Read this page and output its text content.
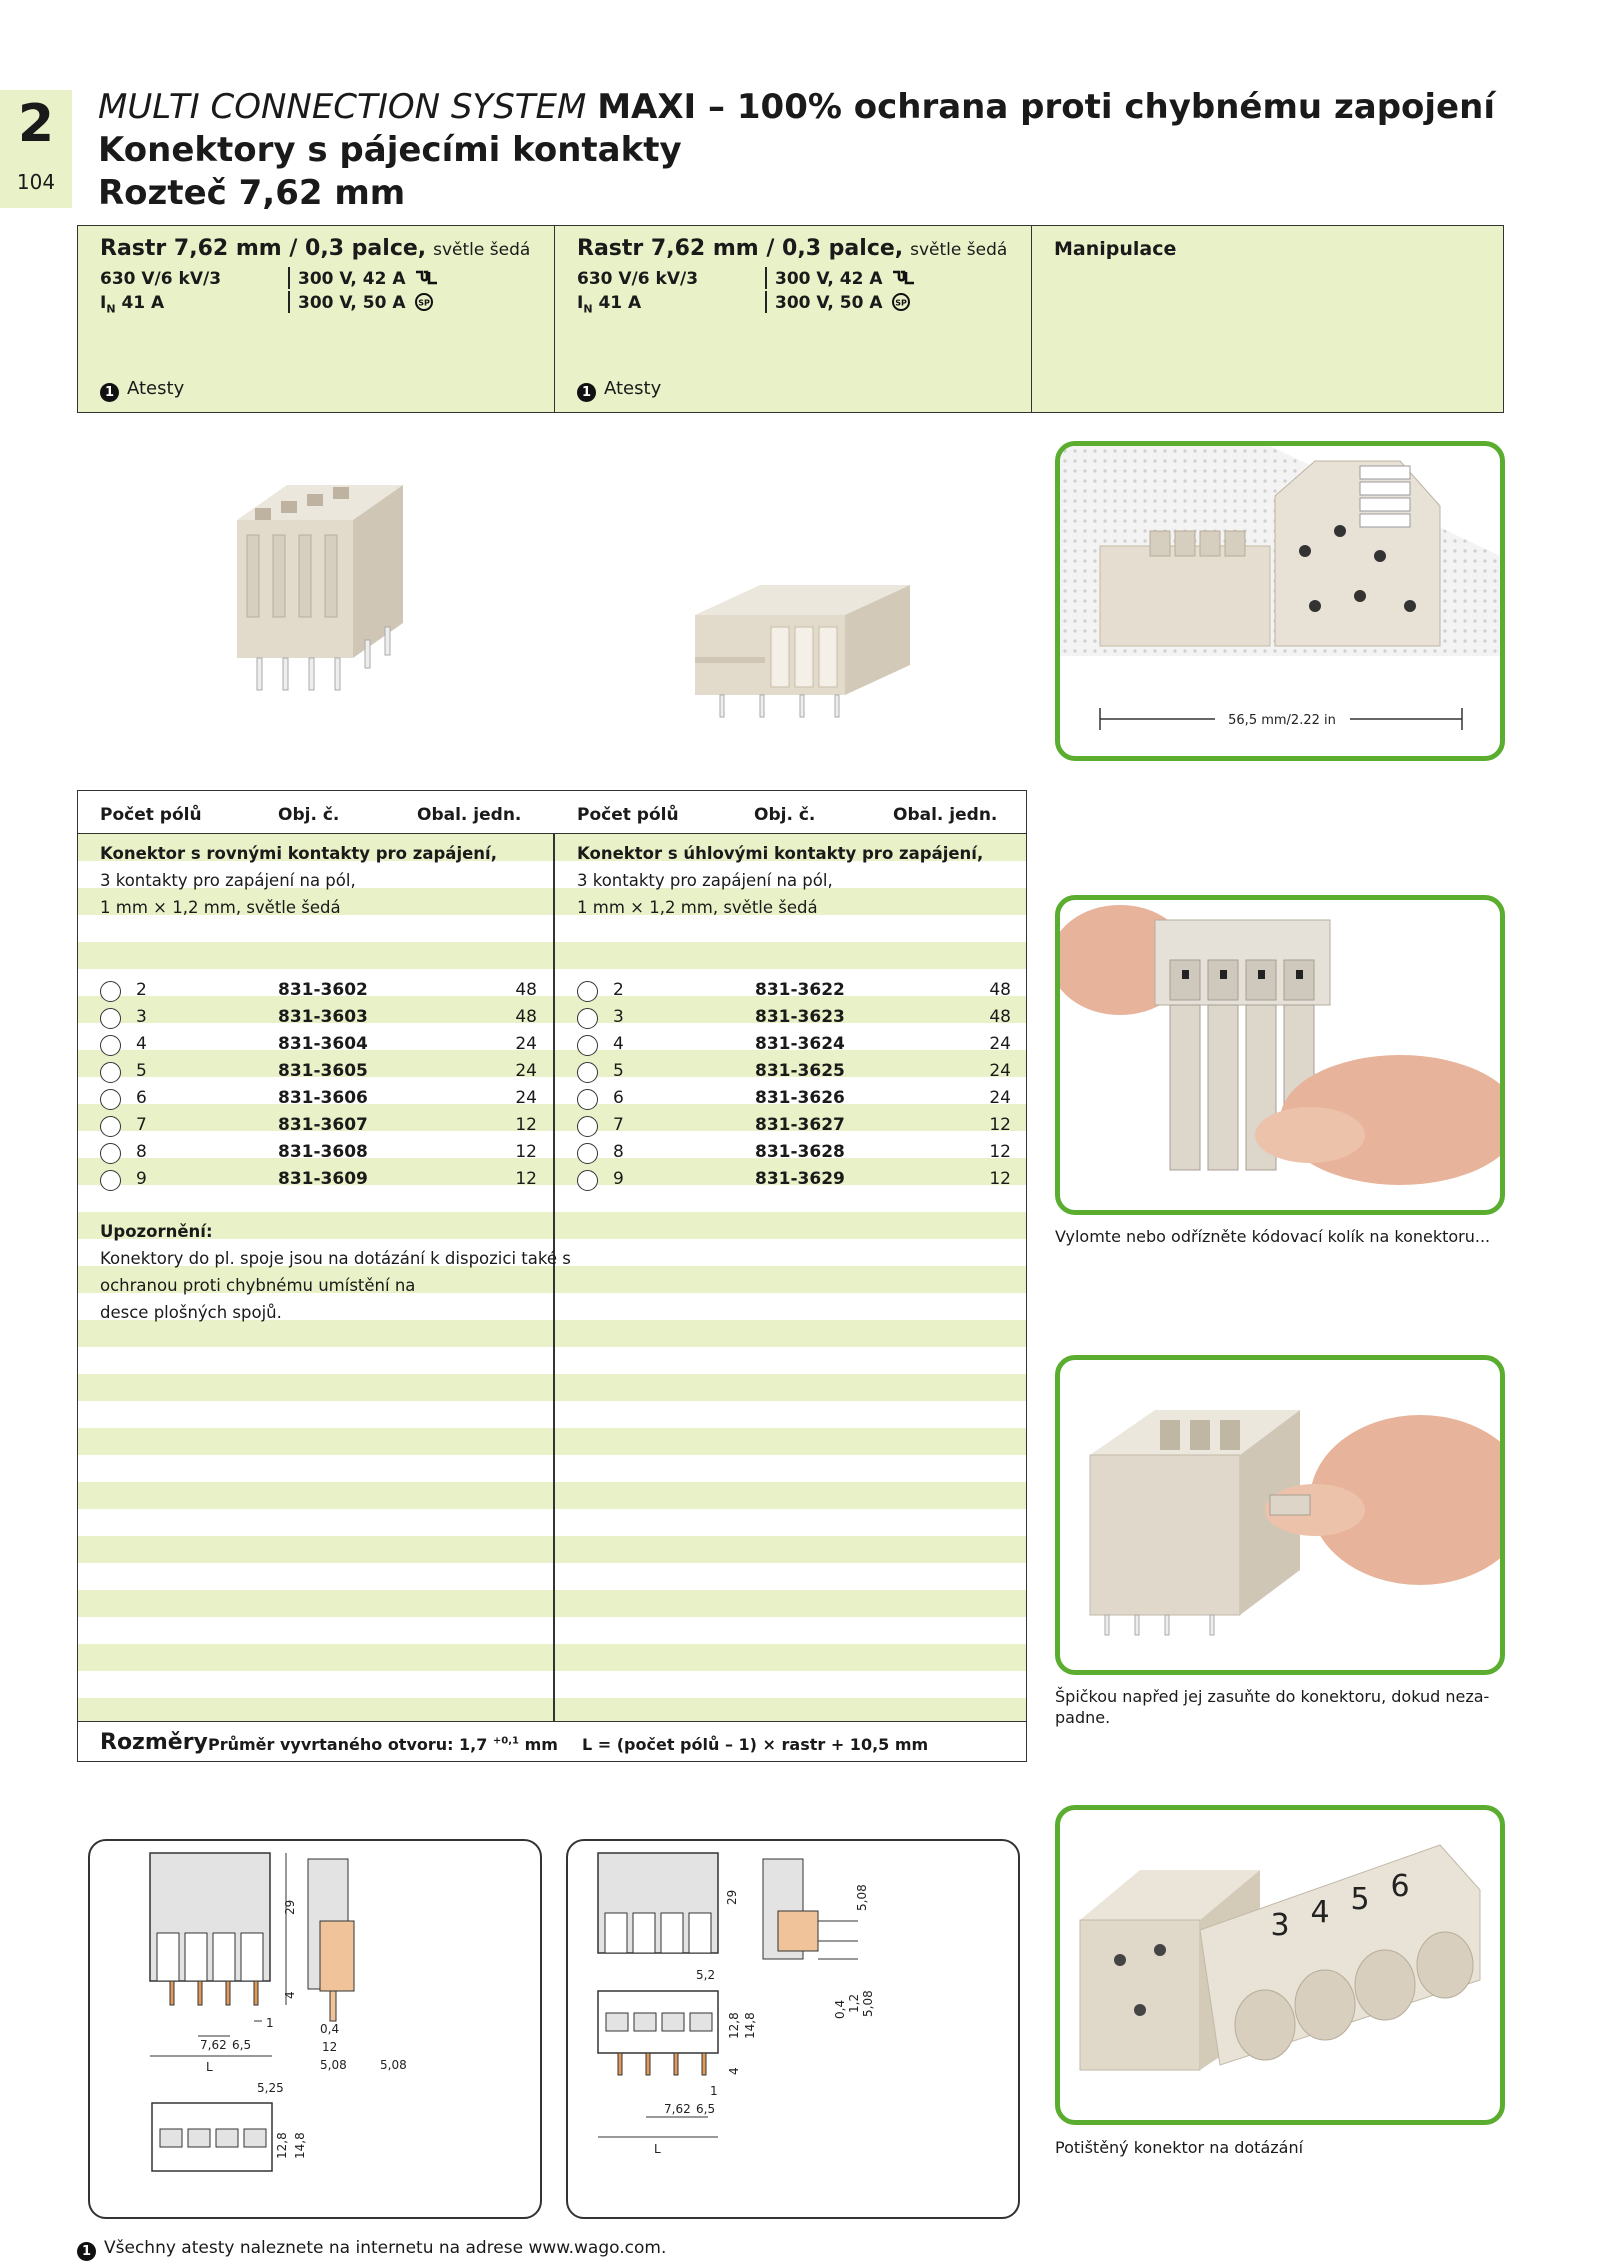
2
104
MULTI CONNECTION SYSTEM MAXI – 100% ochrana proti chybnému zapojení
Konektory s pájecími kontakty
Rozteč 7,62 mm
Rastr 7,62 mm / 0,3 palce, světle šedá
630 V/6 kV/3	300 V, 42 A
$I_N$ 41 A	300 V, 50 A SP
1 Atesty
Rastr 7,62 mm / 0,3 palce, světle šedá
630 V/6 kV/3	300 V, 42 A
$I_N$ 41 A	300 V, 50 A SP
1 Atesty
Manipulace
56,5 mm/2.22 in
3 4 5 6
Vylomte nebo odřízněte kódovací kolík na konektoru...
Špičkou napřed jej zasuňte do konektoru, dokud neza-
padne.
Potištěný konektor na dotázání
Počet pólů	Obj. č.	Obal. jedn.	Počet pólů	Obj. č.	Obal. jedn.
Konektor s rovnými kontakty pro zapájení,
3 kontakty pro zapájení na pól,
1 mm × 1,2 mm, světle šedá
2	831-3602	48
3	831-3603	48
4	831-3604	24
5	831-3605	24
6	831-3606	24
7	831-3607	12
8	831-3608	12
9	831-3609	12
Upozornění:
Konektory do pl. spoje jsou na dotázání k dispozici také s
ochranou proti chybnému umístění na
desce plošných spojů.
Konektor s úhlovými kontakty pro zapájení,
3 kontakty pro zapájení na pól,
1 mm × 1,2 mm, světle šedá
2	831-3622	48
3	831-3623	48
4	831-3624	24
5	831-3625	24
6	831-3626	24
7	831-3627	12
8	831-3628	12
9	831-3629	12
Rozměry Průměr vyvrtaného otvoru: 1,7 $^{+0,1}$ mm L = (počet pólů – 1) × rastr + 10,5 mm
29
4
1
7,62 6,5
L
0,4
12
5,08	5,08
5,25
12,8 14,8
29	5,08
5,2
0,4 1,2 5,08
12,8 14,8
4
1
7,62 6,5
L
1 Všechny atesty naleznete na internetu na adrese www.wago.com.
